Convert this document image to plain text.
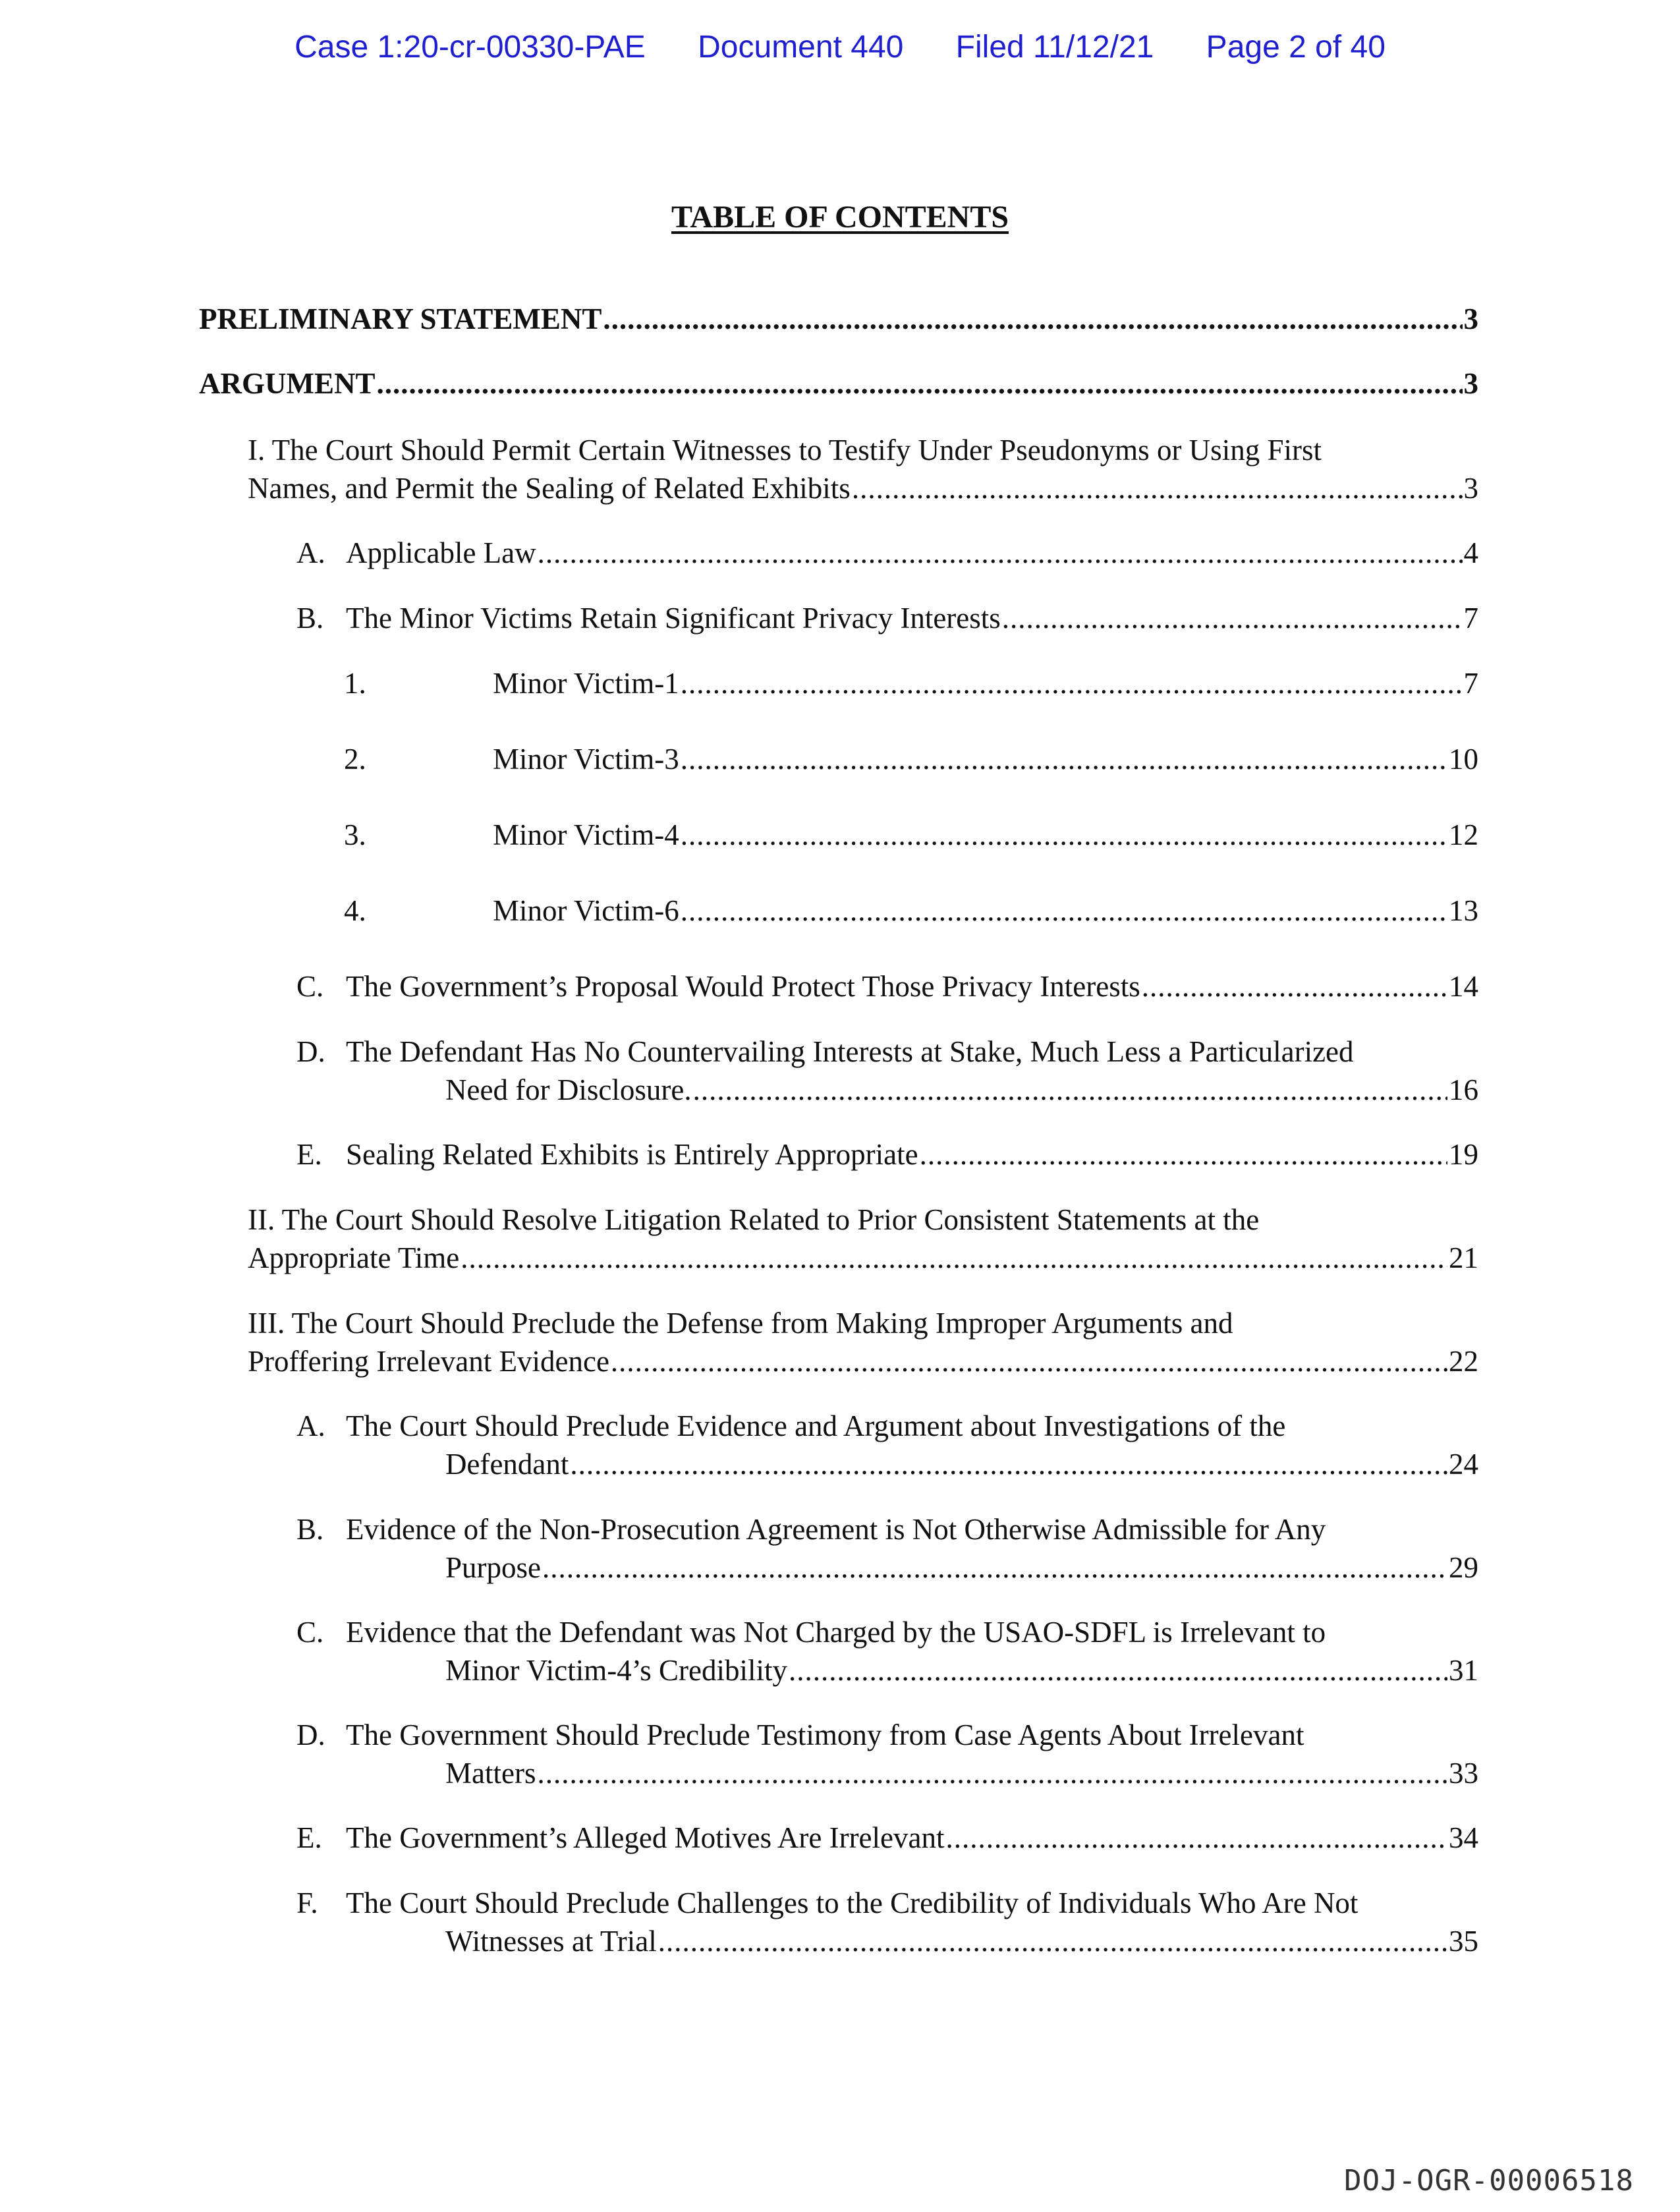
Case 1:20-cr-00330-PAE Document 440 Filed 11/12/21 Page 2 of 40
TABLE OF CONTENTS
PRELIMINARY STATEMENT .....	3
ARGUMENT .....	3
I. The Court Should Permit Certain Witnesses to Testify Under Pseudonyms or Using First
Names, and Permit the Sealing of Related Exhibits .....	3
A. Applicable Law .....	4
B. The Minor Victims Retain Significant Privacy Interests .....	7
1.	Minor Victim-1 .....	7
2.	Minor Victim-3 .....	10
3.	Minor Victim-4 .....	12
4.	Minor Victim-6 .....	13
C. The Government’s Proposal Would Protect Those Privacy Interests .....	14
D. The Defendant Has No Countervailing Interests at Stake, Much Less a Particularized
Need for Disclosure. .....	16
E. Sealing Related Exhibits is Entirely Appropriate .....	19
II. The Court Should Resolve Litigation Related to Prior Consistent Statements at the
Appropriate Time .....	21
III. The Court Should Preclude the Defense from Making Improper Arguments and
Proffering Irrelevant Evidence .....	22
A. The Court Should Preclude Evidence and Argument about Investigations of the
Defendant .....	24
B. Evidence of the Non-Prosecution Agreement is Not Otherwise Admissible for Any
Purpose .....	29
C. Evidence that the Defendant was Not Charged by the USAO-SDFL is Irrelevant to
Minor Victim-4’s Credibility .....	31
D. The Government Should Preclude Testimony from Case Agents About Irrelevant
Matters .....	33
E. The Government’s Alleged Motives Are Irrelevant .....	34
F. The Court Should Preclude Challenges to the Credibility of Individuals Who Are Not
Witnesses at Trial .....	35
DOJ-OGR-00006518
